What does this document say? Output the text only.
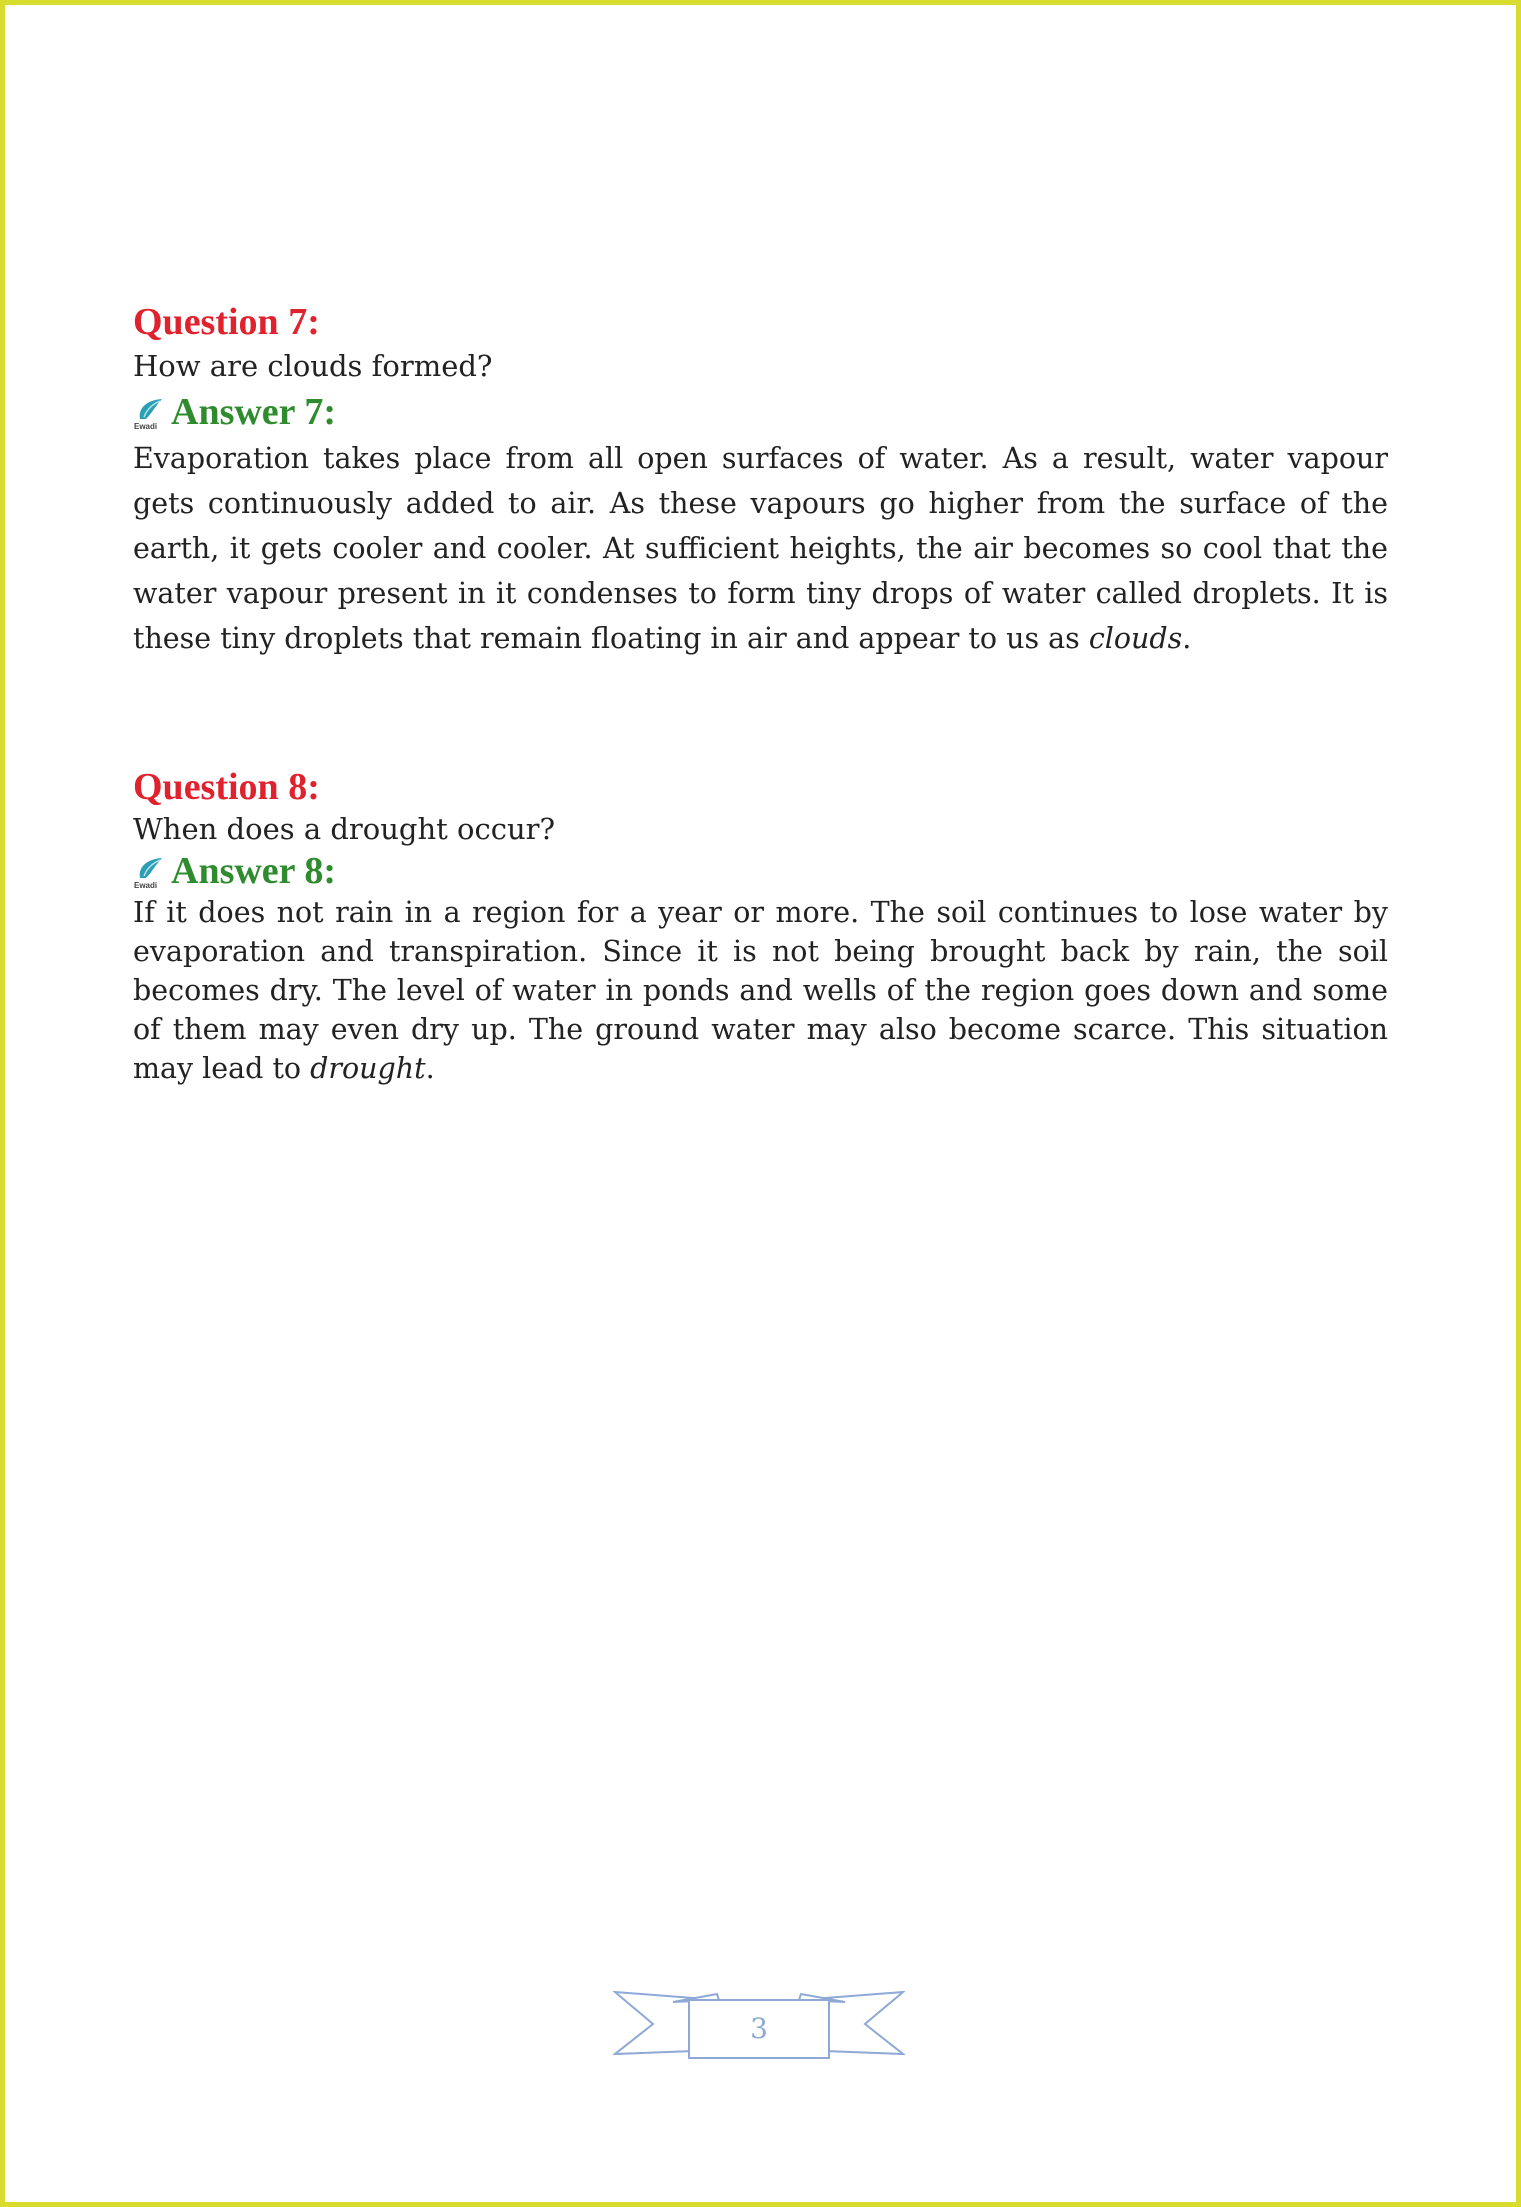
Question 7:

How are clouds formed?

Ewadi Answer 7:

Evaporation takes place from all open surfaces of water. As a result, water vapour gets continuously added to air. As these vapours go higher from the surface of the earth, it gets cooler and cooler. At sufficient heights, the air becomes so cool that the water vapour present in it condenses to form tiny drops of water called droplets. It is these tiny droplets that remain floating in air and appear to us as clouds.

Question 8:

When does a drought occur?

Ewadi Answer 8:

If it does not rain in a region for a year or more. The soil continues to lose water by evaporation and transpiration. Since it is not being brought back by rain, the soil becomes dry. The level of water in ponds and wells of the region goes down and some of them may even dry up. The ground water may also become scarce. This situation may lead to drought.

3
